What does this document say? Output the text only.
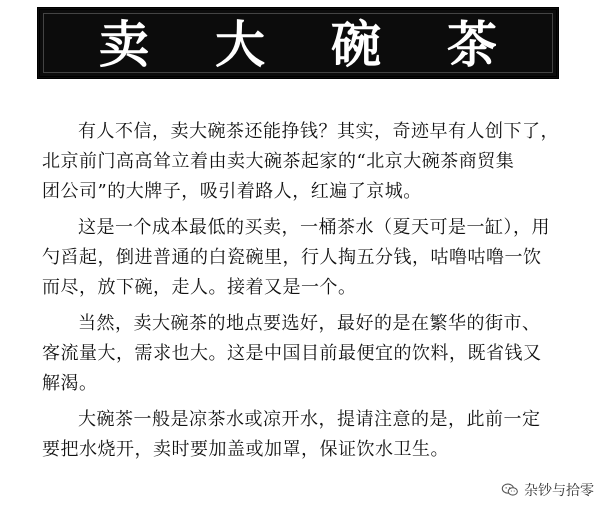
卖 大 碗 茶

有人不信，卖大碗茶还能挣钱？其实，奇迹早有人创下了，
北京前门高高耸立着由卖大碗茶起家的“北京大碗茶商贸集
团公司”的大牌子，吸引着路人，红遍了京城。

这是一个成本最低的买卖，一桶茶水（夏天可是一缸），用
勺舀起，倒进普通的白瓷碗里，行人掏五分钱，咕噜咕噜一饮
而尽，放下碗，走人。接着又是一个。

当然，卖大碗茶的地点要选好，最好的是在繁华的街市、
客流量大，需求也大。这是中国目前最便宜的饮料，既省钱又
解渴。

大碗茶一般是凉茶水或凉开水，提请注意的是，此前一定
要把水烧开，卖时要加盖或加罩，保证饮水卫生。

杂钞与拾零
